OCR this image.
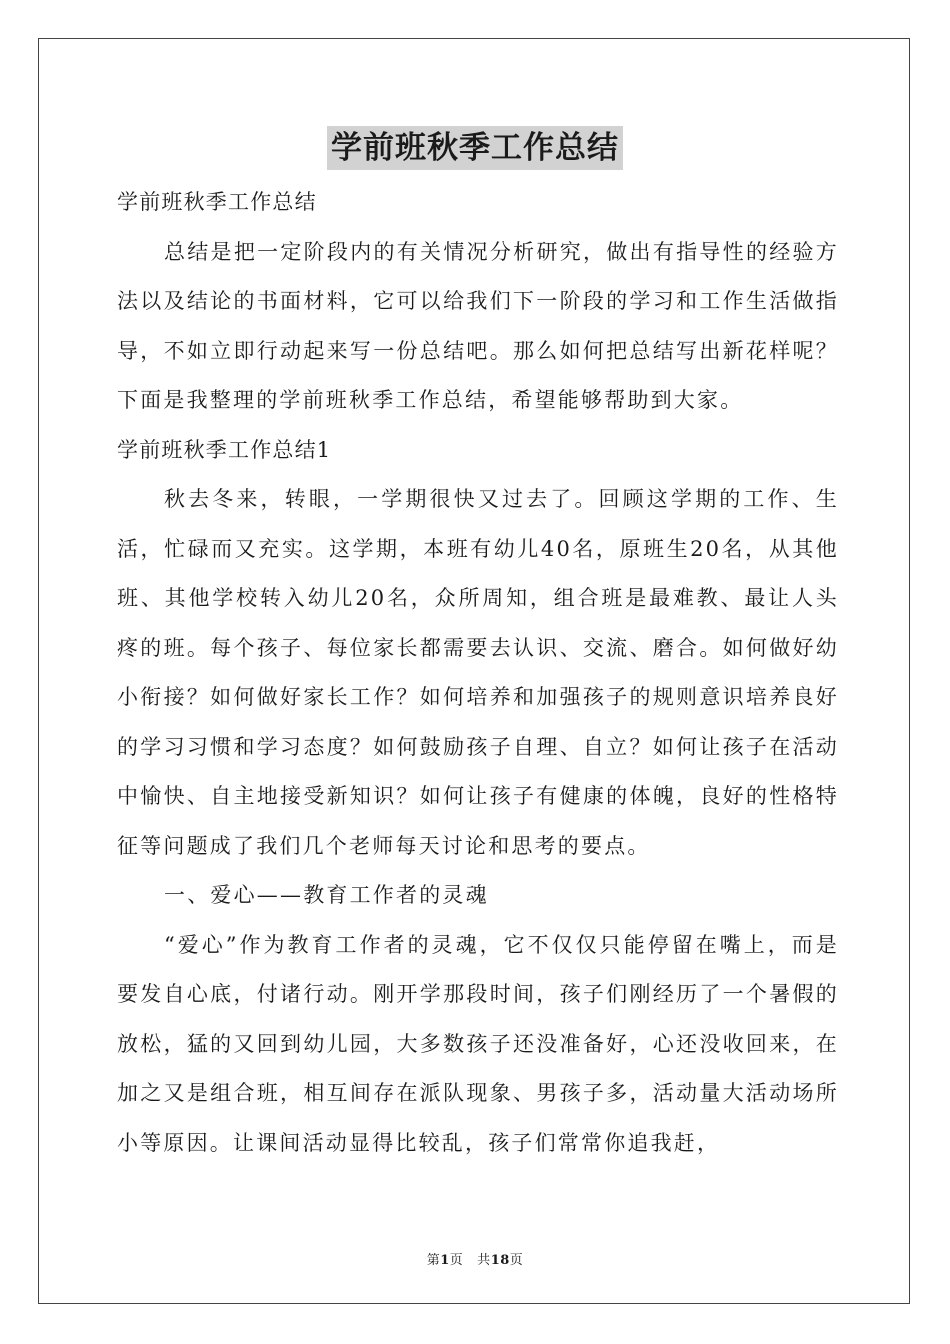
学前班秋季工作总结

学前班秋季工作总结

总结是把一定阶段内的有关情况分析研究，做出有指导性的经验方法以及结论的书面材料，它可以给我们下一阶段的学习和工作生活做指导，不如立即行动起来写一份总结吧。那么如何把总结写出新花样呢？下面是我整理的学前班秋季工作总结，希望能够帮助到大家。

学前班秋季工作总结1

秋去冬来，转眼，一学期很快又过去了。回顾这学期的工作、生活，忙碌而又充实。这学期，本班有幼儿40名，原班生20名，从其他班、其他学校转入幼儿20名，众所周知，组合班是最难教、最让人头疼的班。每个孩子、每位家长都需要去认识、交流、磨合。如何做好幼小衔接？如何做好家长工作？如何培养和加强孩子的规则意识培养良好的学习习惯和学习态度？如何鼓励孩子自理、自立？如何让孩子在活动中愉快、自主地接受新知识？如何让孩子有健康的体魄，良好的性格特征等问题成了我们几个老师每天讨论和思考的要点。

一、爱心——教育工作者的灵魂

“爱心”作为教育工作者的灵魂，它不仅仅只能停留在嘴上，而是要发自心底，付诸行动。刚开学那段时间，孩子们刚经历了一个暑假的放松，猛的又回到幼儿园，大多数孩子还没准备好，心还没收回来，在加之又是组合班，相互间存在派队现象、男孩子多，活动量大活动场所小等原因。让课间活动显得比较乱，孩子们常常你追我赶，

第1页 共18页
